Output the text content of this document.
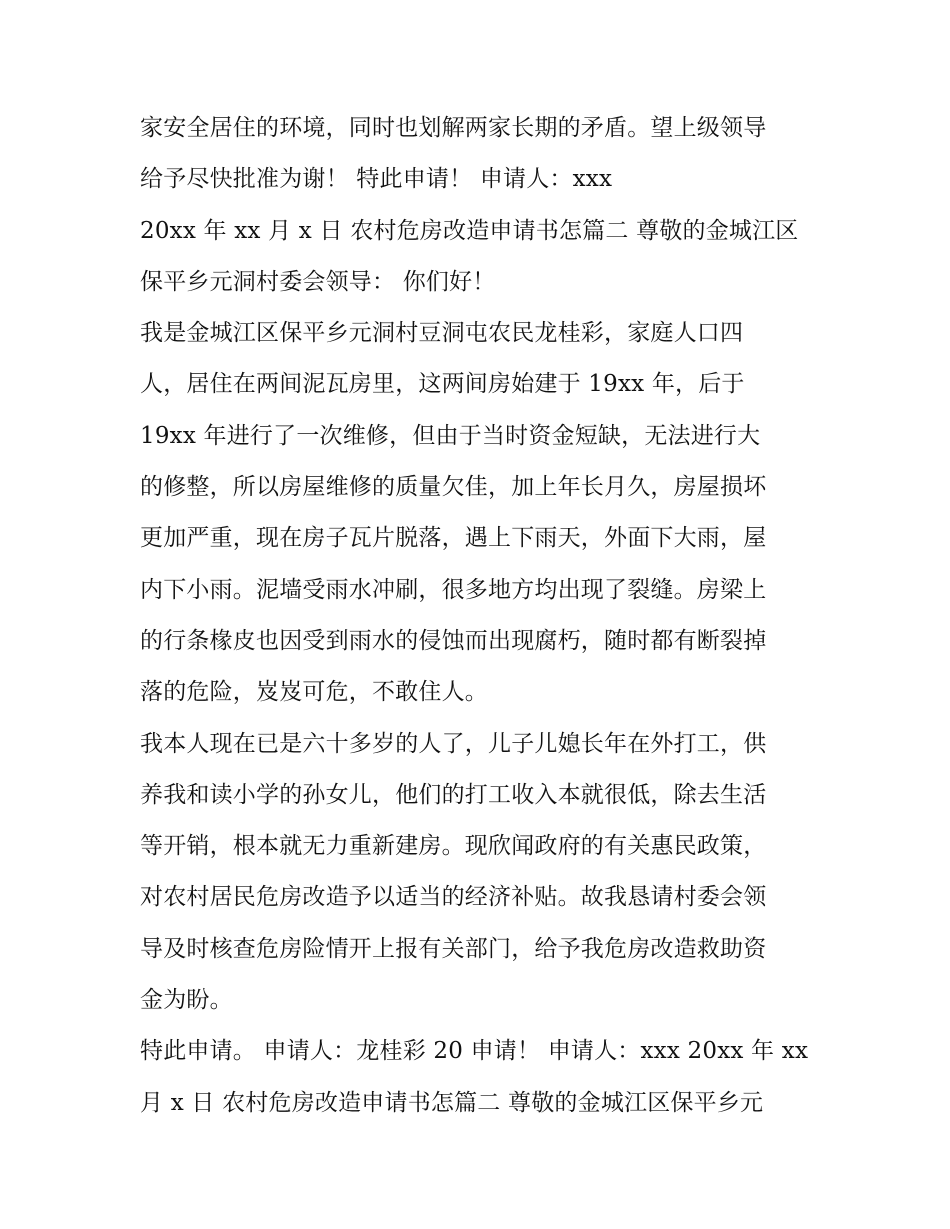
家安全居住的环境，同时也划解两家长期的矛盾。望上级领导
给予尽快批准为谢！ 特此申请！ 申请人：xxx
20xx 年 xx 月 x 日 农村危房改造申请书怎篇二 尊敬的金城江区
保平乡元洞村委会领导： 你们好！
我是金城江区保平乡元洞村豆洞屯农民龙桂彩，家庭人口四
人，居住在两间泥瓦房里，这两间房始建于 19xx 年，后于
19xx 年进行了一次维修，但由于当时资金短缺，无法进行大
的修整，所以房屋维修的质量欠佳，加上年长月久，房屋损坏
更加严重，现在房子瓦片脱落，遇上下雨天，外面下大雨，屋
内下小雨。泥墙受雨水冲刷，很多地方均出现了裂缝。房梁上
的行条椽皮也因受到雨水的侵蚀而出现腐朽，随时都有断裂掉
落的危险，岌岌可危，不敢住人。
我本人现在已是六十多岁的人了，儿子儿媳长年在外打工，供
养我和读小学的孙女儿，他们的打工收入本就很低，除去生活
等开销，根本就无力重新建房。现欣闻政府的有关惠民政策，
对农村居民危房改造予以适当的经济补贴。故我恳请村委会领
导及时核查危房险情开上报有关部门，给予我危房改造救助资
金为盼。
特此申请。 申请人：龙桂彩 20 申请！ 申请人：xxx 20xx 年 xx
月 x 日 农村危房改造申请书怎篇二 尊敬的金城江区保平乡元
